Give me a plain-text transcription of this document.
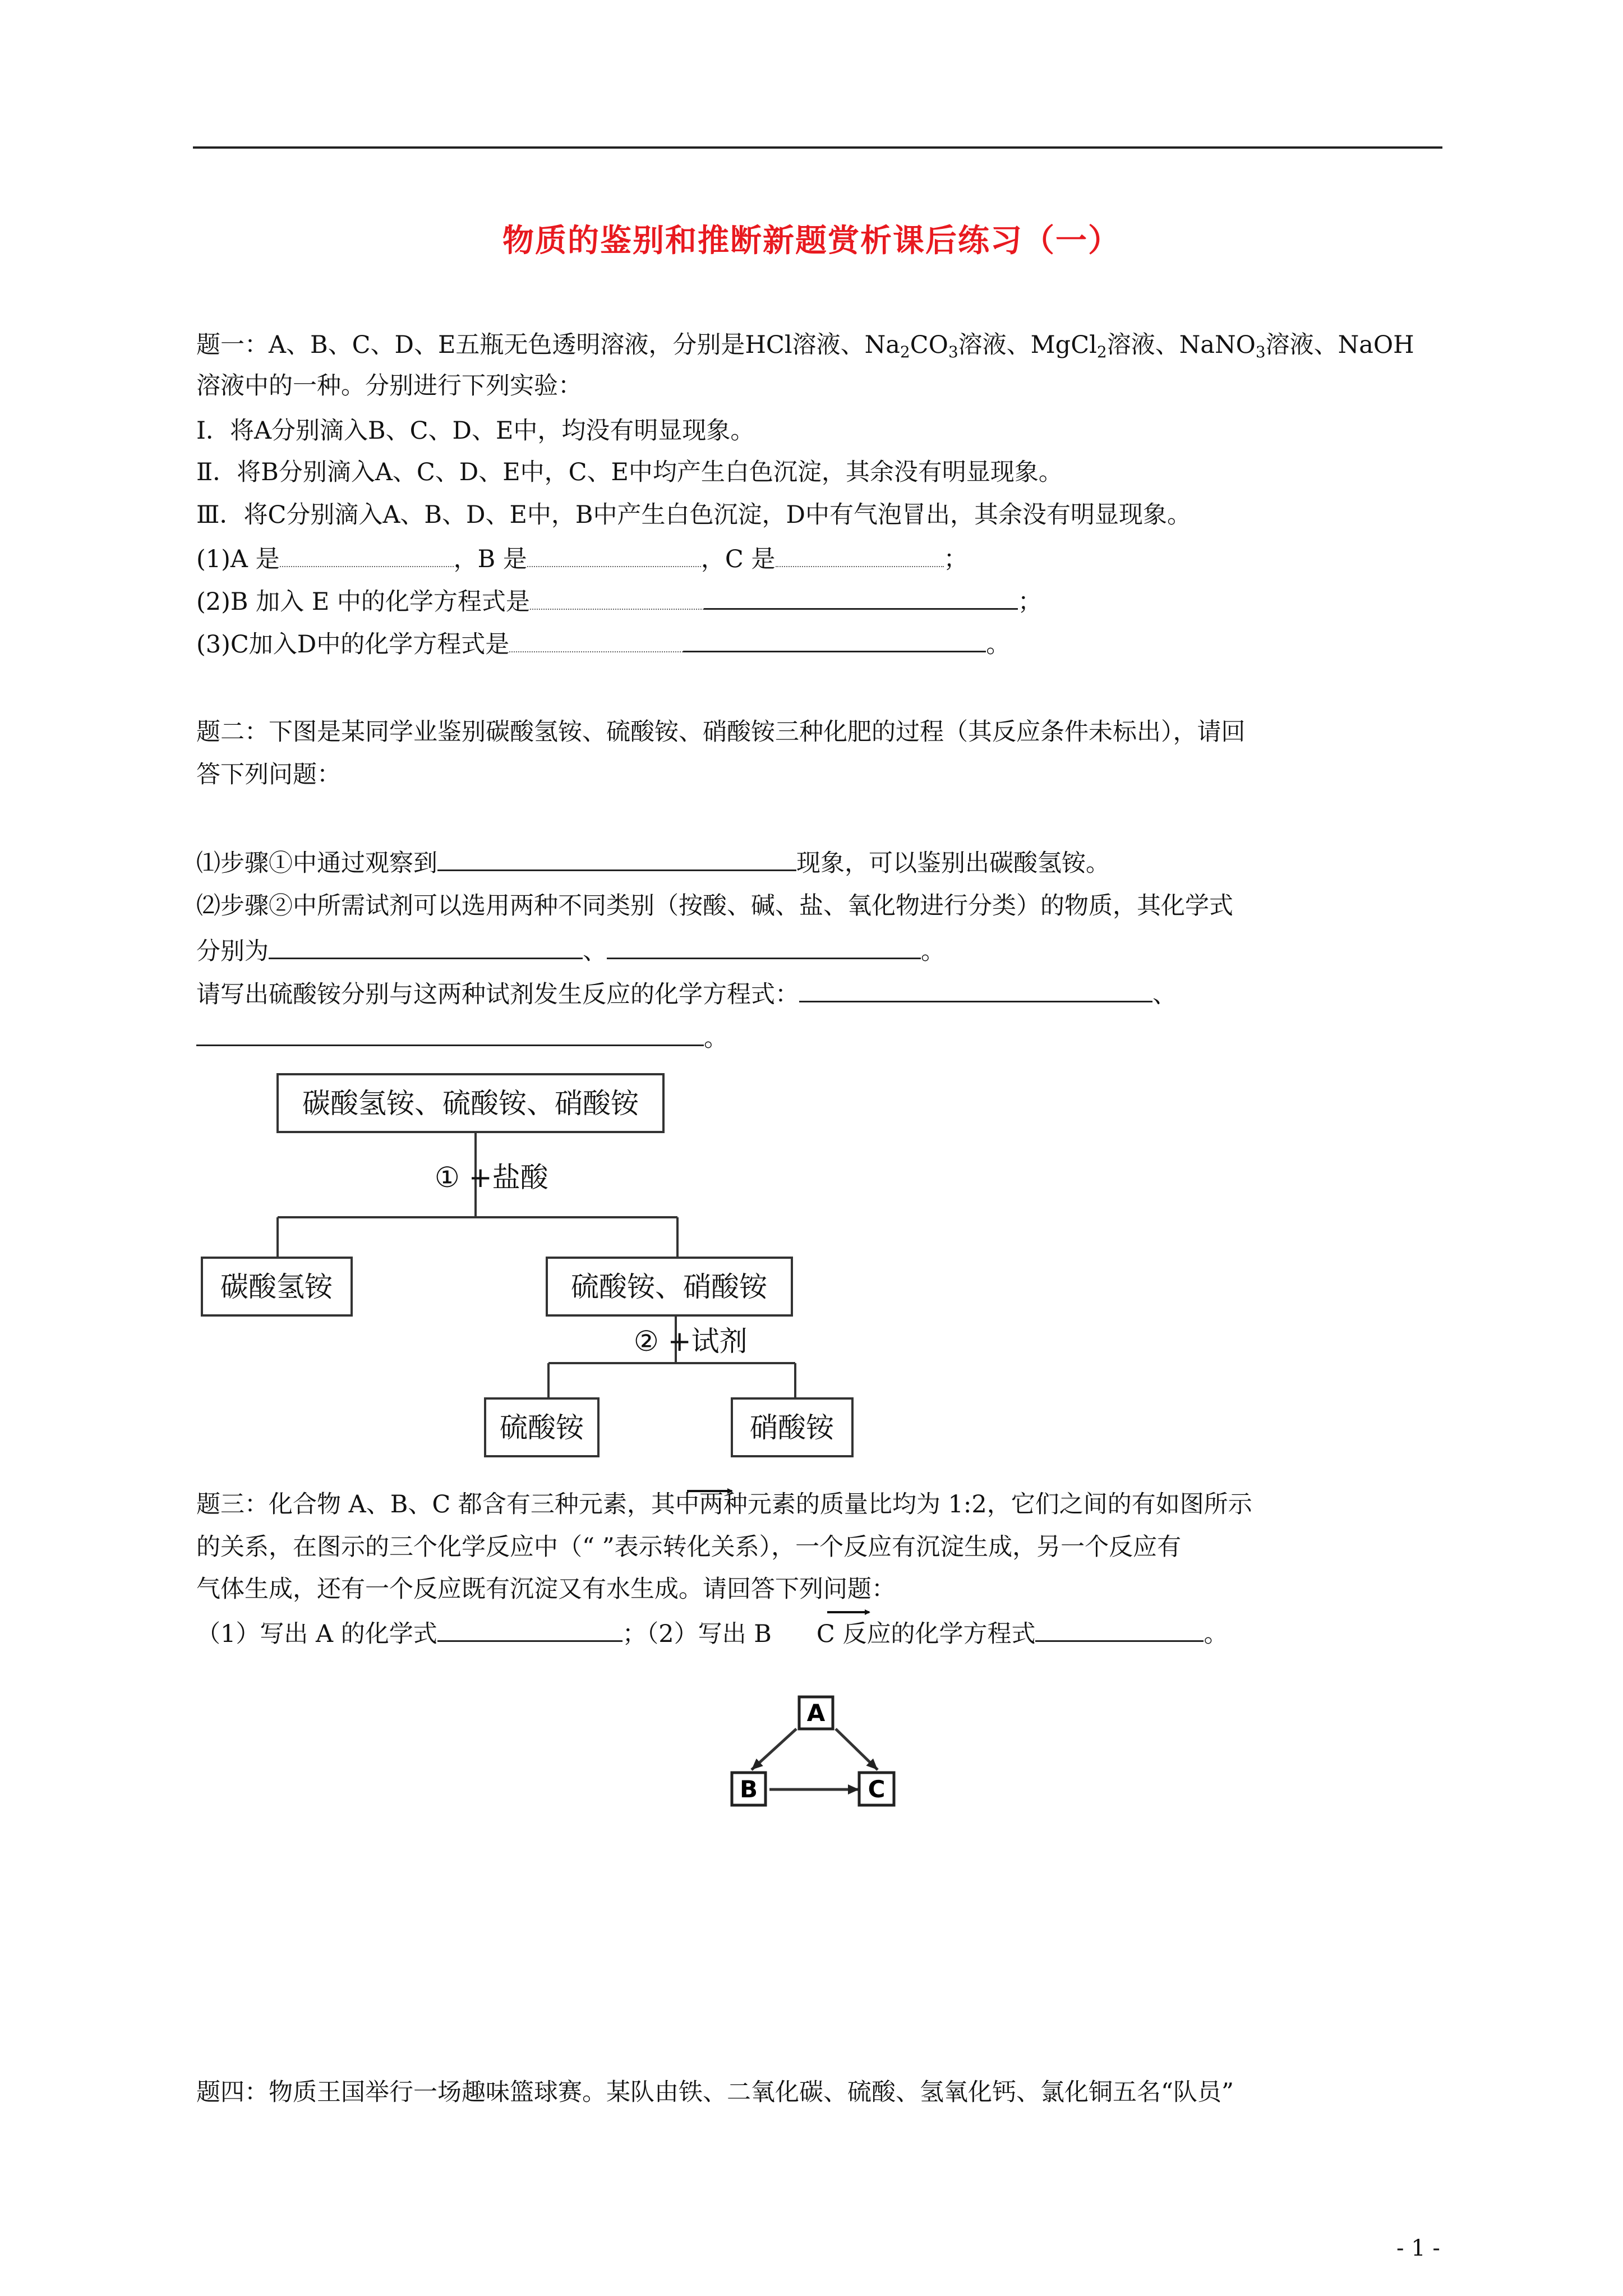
物质的鉴别和推断新题赏析课后练习（一）
题一：A、B、C、D、E五瓶无色透明溶液，分别是HCl溶液、$Na_2CO_3$溶液、MgCl$_2$溶液、NaNO$_3$溶液、NaOH
溶液中的一种。分别进行下列实验：
Ⅰ．将A分别滴入B、C、D、E中，均没有明显现象。
Ⅱ．将B分别滴入A、C、D、E中，C、E中均产生白色沉淀，其余没有明显现象。
Ⅲ．将C分别滴入A、B、D、E中，B中产生白色沉淀，D中有气泡冒出，其余没有明显现象。
(1)A 是	，B 是	，C 是	；
(2)B 加入 E 中的化学方程式是	；
(3)C加入D中的化学方程式是	。
题二：下图是某同学业鉴别碳酸氢铵、硫酸铵、硝酸铵三种化肥的过程（其反应条件未标出），请回
答下列问题：
⑴步骤①中通过观察到	现象，可以鉴别出碳酸氢铵。
⑵步骤②中所需试剂可以选用两种不同类别（按酸、碱、盐、氧化物进行分类）的物质，其化学式
分别为	、	。
请写出硫酸铵分别与这两种试剂发生反应的化学方程式：	、
。
碳酸氢铵、硫酸铵、硝酸铵
① +盐酸
碳酸氢铵	硫酸铵、硝酸铵
② +试剂
硫酸铵	硝酸铵
A
B	C
题三：化合物 A、B、C 都含有三种元素，其中两种元素的质量比均为 1:2，它们之间的有如图所示
的关系，在图示的三个化学反应中（“ ”表示转化关系），一个反应有沉淀生成，另一个反应有
气体生成，还有一个反应既有沉淀又有水生成。请回答下列问题：
（1）写出 A 的化学式	；（2）写出 B C 反应的化学方程式	。
题四：物质王国举行一场趣味篮球赛。某队由铁、二氧化碳、硫酸、氢氧化钙、氯化铜五名“队员”
- 1 -
